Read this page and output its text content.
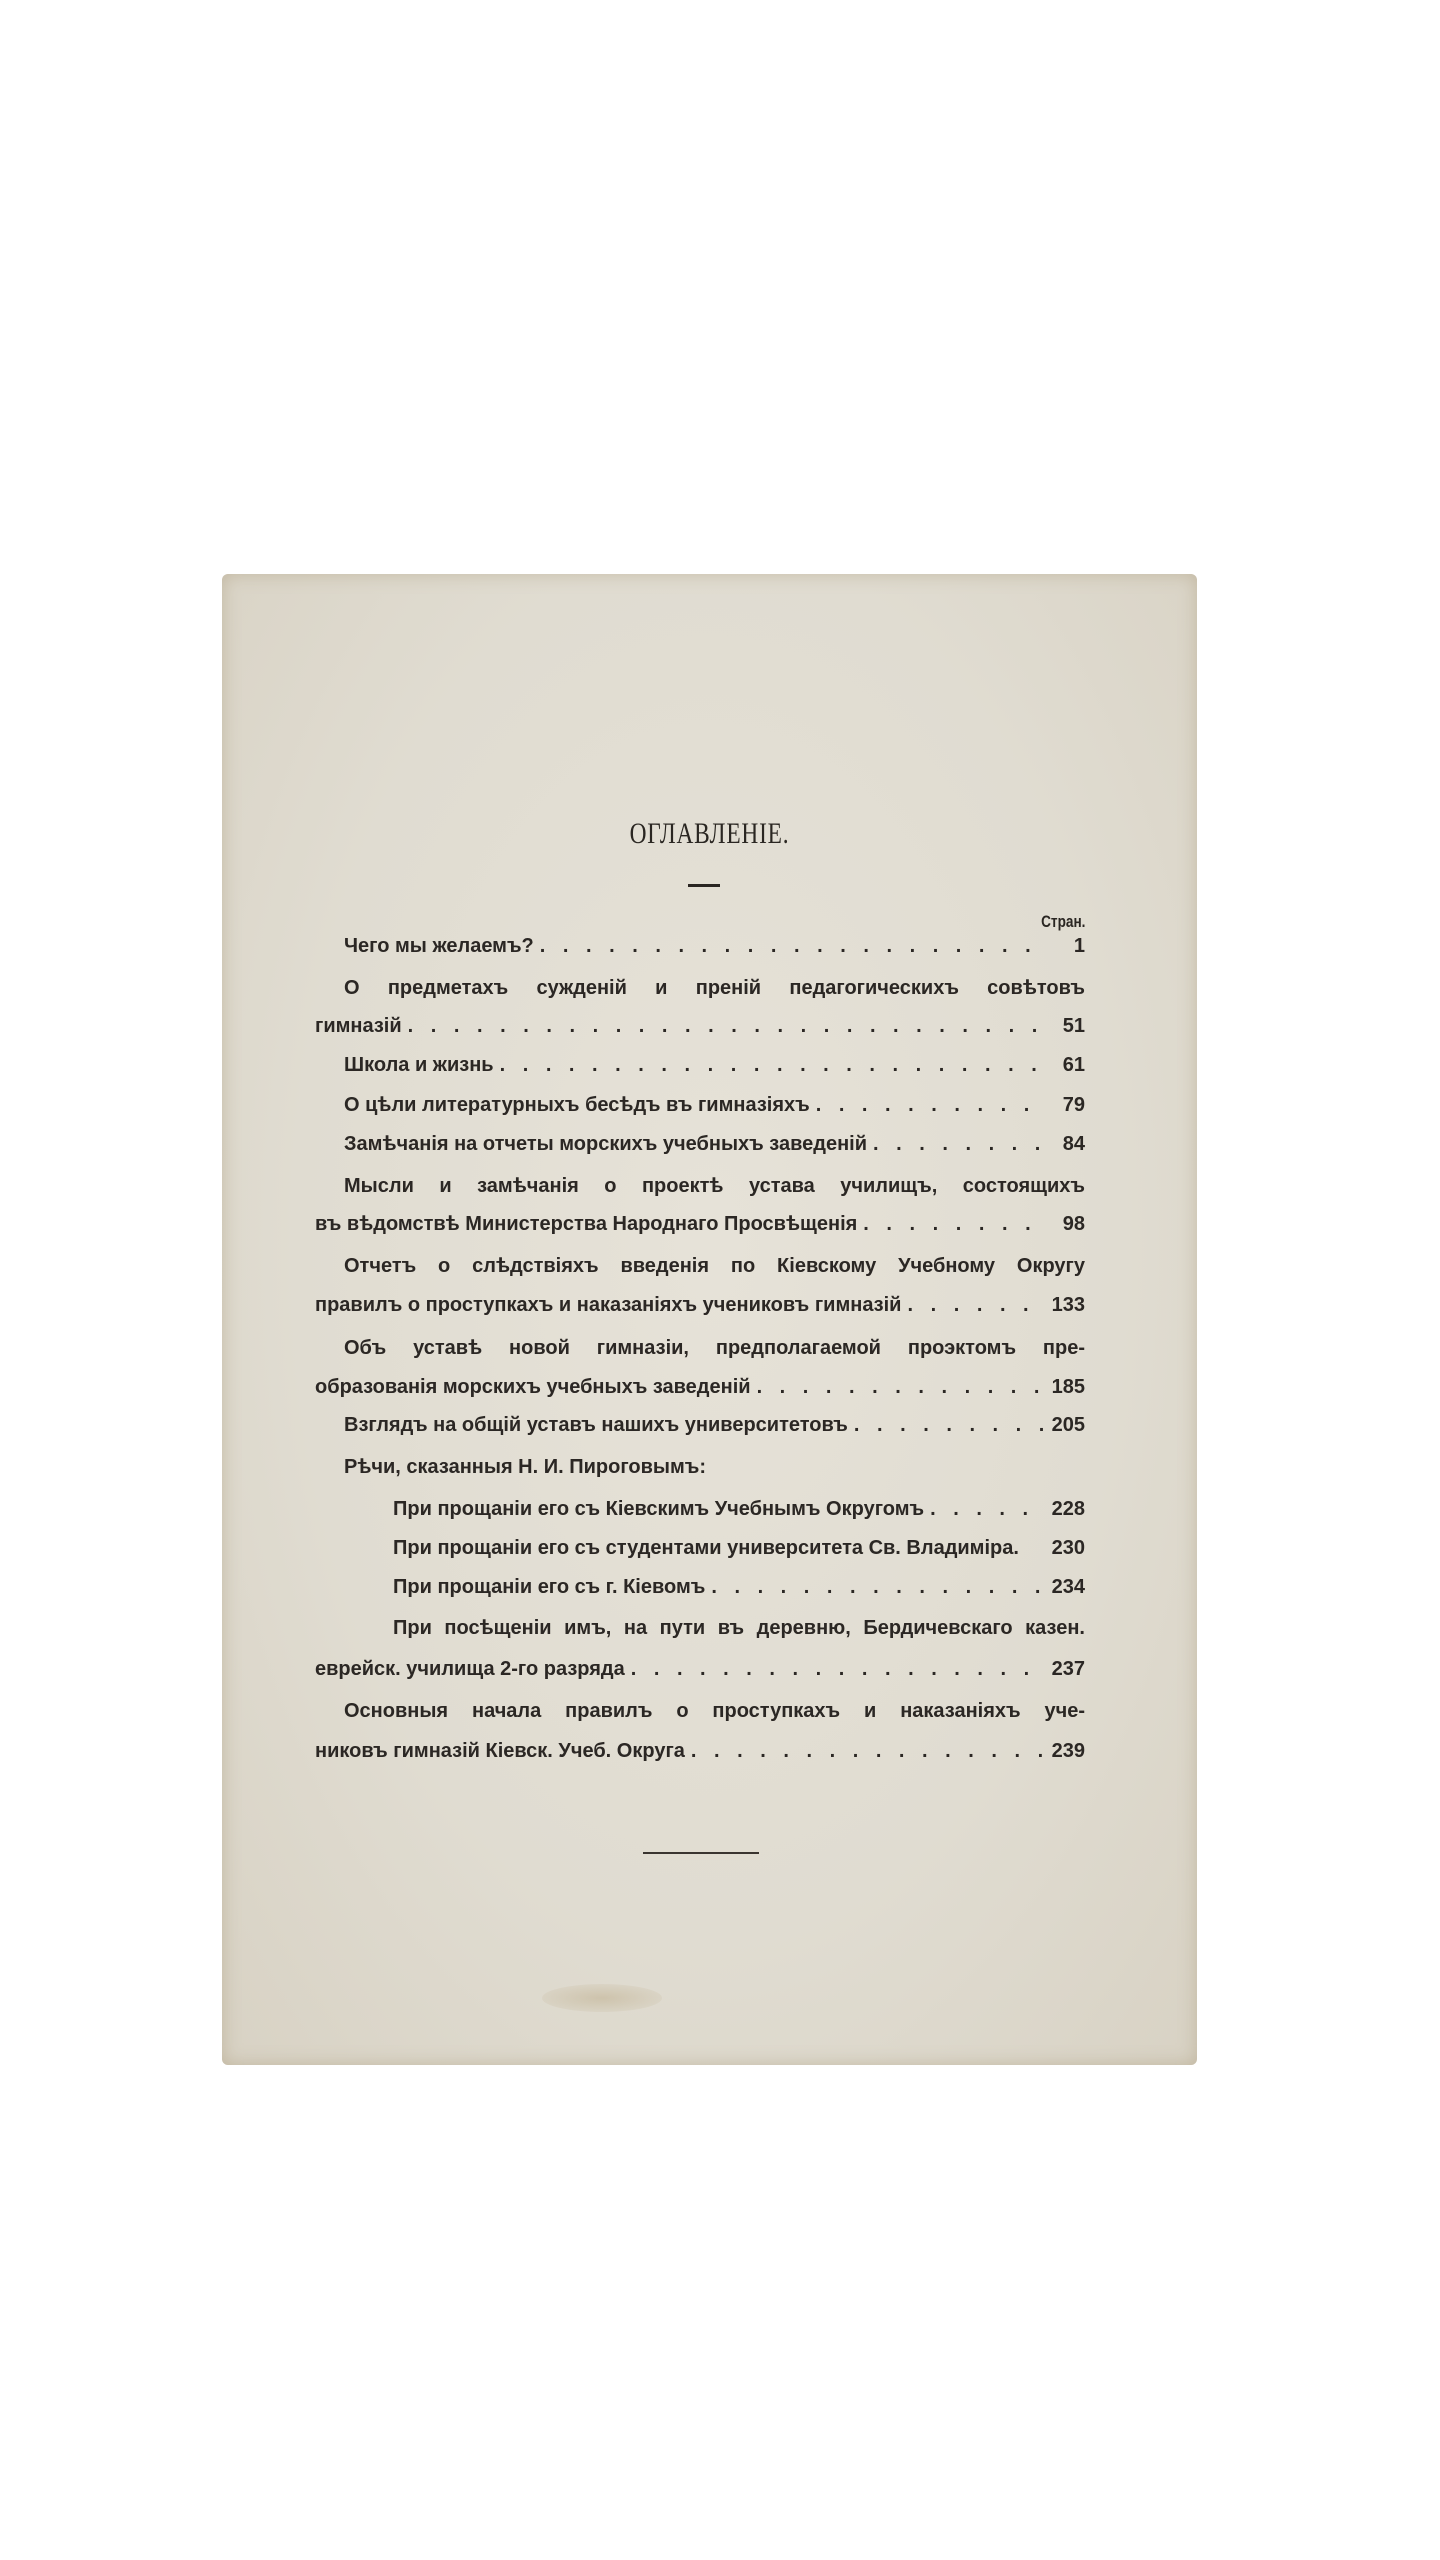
ОГЛАВЛЕНІЕ.
Стран.
Чего мы желаемъ? . . .	1
О предметахъ сужденій и преній педагогическихъ совѣтовъ
гимназій . . .	51
Школа и жизнь . . .	61
О цѣли литературныхъ бесѣдъ въ гимназіяхъ . . .	79
Замѣчанія на отчеты морскихъ учебныхъ заведеній . . .	84
Мысли и замѣчанія о проектѣ устава училищъ, состоящихъ
въ вѣдомствѣ Министерства Народнаго Просвѣщенія . . .	98
Отчетъ о слѣдствіяхъ введенія по Кіевскому Учебному Округу
правилъ о проступкахъ и наказаніяхъ учениковъ гимназій . . .	133
Объ уставѣ новой гимназіи, предполагаемой проэктомъ пре-
образованія морскихъ учебныхъ заведеній . . .	185
Взглядъ на общій уставъ нашихъ университетовъ . . .	205
Рѣчи, сказанныя Н. И. Пироговымъ:
При прощаніи его съ Кіевскимъ Учебнымъ Округомъ . . .	228
При прощаніи его съ студентами университета Св. Владиміра. 230
При прощаніи его съ г. Кіевомъ . . .	234
При посѣщеніи имъ, на пути въ деревню, Бердичевскаго казен.
еврейск. училища 2-го разряда . . .	237
Основныя начала правилъ о проступкахъ и наказаніяхъ уче-
никовъ гимназій Кіевск. Учеб. Округа . . .	239
